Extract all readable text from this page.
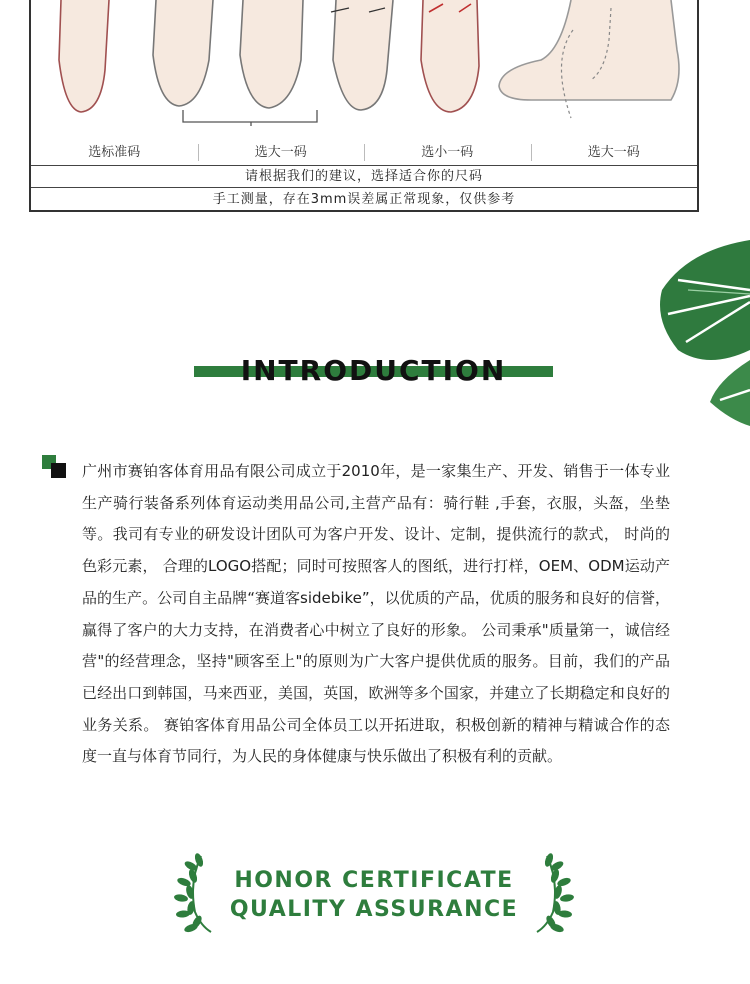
选标准码	选大一码	选小一码	选大一码
请根据我们的建议，选择适合你的尺码
手工测量，存在3mm误差属正常现象，仅供参考
INTRODUCTION

广州市赛铂客体育用品有限公司成立于2010年，是一家集生产、开发、销售于一体专业生产骑行装备系列体育运动类用品公司,主营产品有：骑行鞋 ,手套，衣服，头盔，坐垫等。我司有专业的研发设计团队可为客户开发、设计、定制，提供流行的款式， 时尚的色彩元素， 合理的LOGO搭配；同时可按照客人的图纸，进行打样，OEM、ODM运动产品的生产。公司自主品牌“赛道客sidebike”，以优质的产品，优质的服务和良好的信誉，赢得了客户的大力支持，在消费者心中树立了良好的形象。 公司秉承"质量第一，诚信经营"的经营理念，坚持"顾客至上"的原则为广大客户提供优质的服务。目前，我们的产品已经出口到韩国，马来西亚，美国，英国，欧洲等多个国家，并建立了长期稳定和良好的业务关系。 赛铂客体育用品公司全体员工以开拓进取，积极创新的精神与精诚合作的态度一直与体育节同行，为人民的身体健康与快乐做出了积极有利的贡献。

HONOR CERTIFICATE
QUALITY ASSURANCE
